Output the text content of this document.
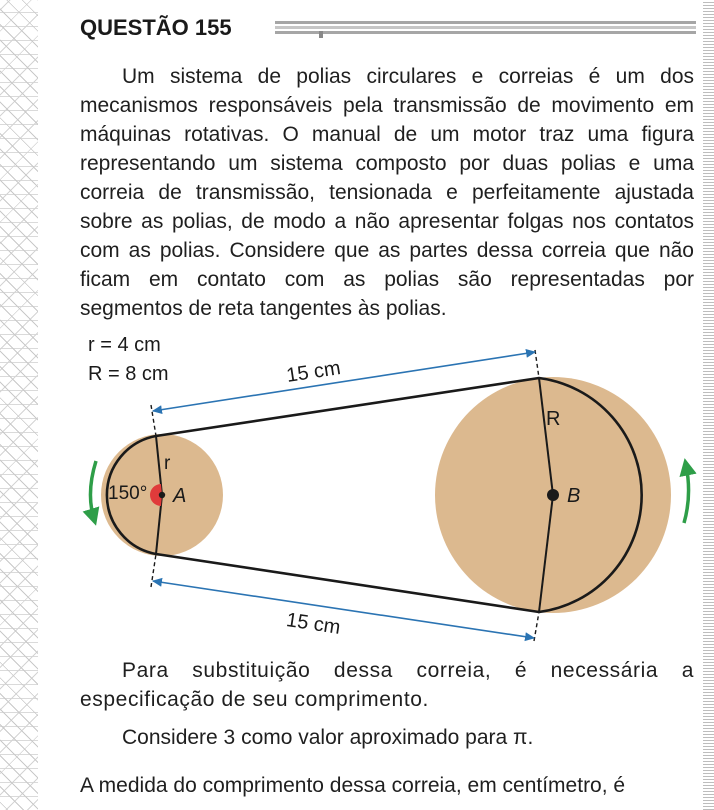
QUESTÃO 155

Um sistema de polias circulares e correias é um dos mecanismos responsáveis pela transmissão de movimento em máquinas rotativas. O manual de um motor traz uma figura representando um sistema composto por duas polias e uma correia de transmissão, tensionada e perfeitamente ajustada sobre as polias, de modo a não apresentar folgas nos contatos com as polias. Considere que as partes dessa correia que não ficam em contato com as polias são representadas por segmentos de reta tangentes às polias.

r = 4 cm
R = 8 cm	15 cm
15 cm
r
R
150° A	B

Para substituição dessa correia, é necessária a especificação de seu comprimento.

Considere 3 como valor aproximado para π.

A medida do comprimento dessa correia, em centímetro, é
